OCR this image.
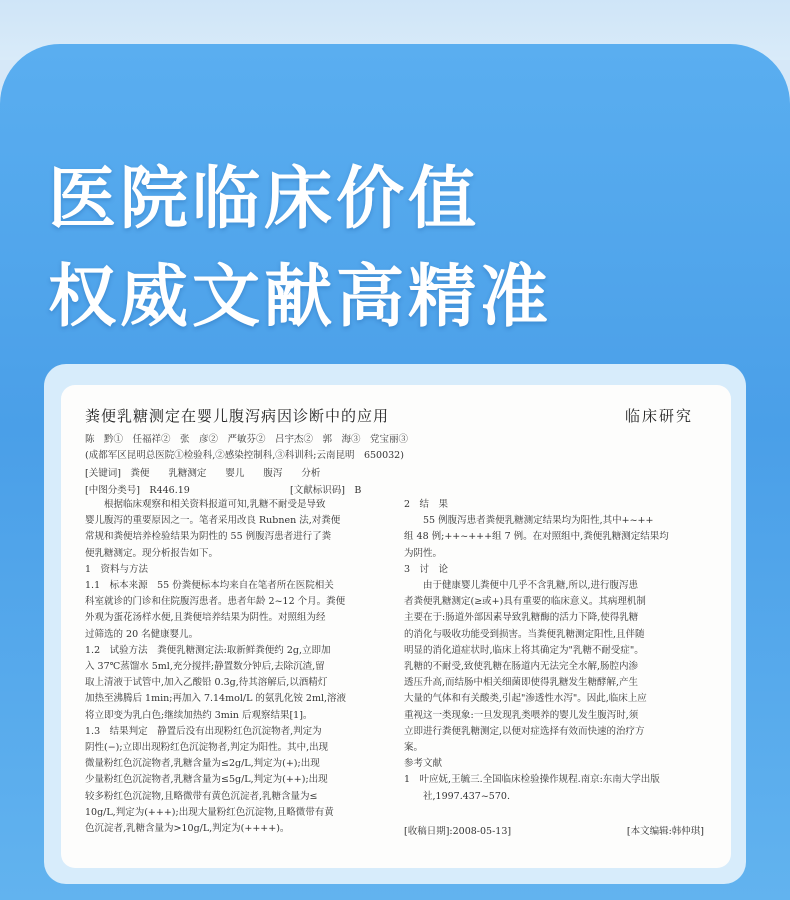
医院临床价值
权威文献高精准
粪便乳糖测定在婴儿腹泻病因诊断中的应用	临床研究
陈　黔①　任福祥②　张　彦②　严敏芬②　吕宇杰②　郭　海③　党宝丽③
(成都军区昆明总医院①检验科,②感染控制科,③科训科;云南昆明　650032)
[关键词]　粪便　　乳糖测定　　婴儿　　腹泻　　分析
[中图分类号]　R446.19	[文献标识码]　B

　　根据临床观察和相关资料报道可知,乳糖不耐受是导致

婴儿腹泻的重要原因之一。笔者采用改良 Rubnen 法,对粪便

常规和粪便培养检验结果为阴性的 55 例腹泻患者进行了粪

便乳糖测定。现分析报告如下。

1　资料与方法

1.1　标本来源　55 份粪便标本均来自在笔者所在医院相关

科室就诊的门诊和住院腹泻患者。患者年龄 2~12 个月。粪便

外观为蛋花汤样水便,且粪便培养结果为阴性。对照组为经

过筛选的 20 名健康婴儿。

1.2　试验方法　粪便乳糖测定法:取新鲜粪便约 2g,立即加

入 37℃蒸馏水 5ml,充分搅拌;静置数分钟后,去除沉渣,留

取上清液于试管中,加入乙酸铅 0.3g,待其溶解后,以酒精灯

加热至沸腾后 1min;再加入 7.14mol/L 的氨乳化铵 2ml,溶液

将立即变为乳白色;继续加热约 3min 后观察结果[1]。

1.3　结果判定　静置后没有出现粉红色沉淀物者,判定为

阴性(−);立即出现粉红色沉淀物者,判定为阳性。其中,出现

微量粉红色沉淀物者,乳糖含量为≤2g/L,判定为(+);出现

少量粉红色沉淀物者,乳糖含量为≤5g/L,判定为(++);出现

较多粉红色沉淀物,且略微带有黄色沉淀者,乳糖含量为≤

10g/L,判定为(+++);出现大量粉红色沉淀物,且略微带有黄

色沉淀者,乳糖含量为>10g/L,判定为(++++)。

2　结　果

　　55 例腹泻患者粪便乳糖测定结果均为阳性,其中+~++

组 48 例;++~+++组 7 例。在对照组中,粪便乳糖测定结果均

为阴性。

3　讨　论

　　由于健康婴儿粪便中几乎不含乳糖,所以,进行腹泻患

者粪便乳糖测定(≥或+)具有重要的临床意义。其病理机制

主要在于:肠道外部因素导致乳糖酶的活力下降,使得乳糖

的消化与吸收功能受到损害。当粪便乳糖测定阳性,且伴随

明显的消化道症状时,临床上将其确定为"乳糖不耐受症"。

乳糖的不耐受,致使乳糖在肠道内无法完全水解,肠腔内渗

透压升高,而结肠中相关细菌即使得乳糖发生糖酵解,产生

大量的气体和有关酸类,引起"渗透性水泻"。因此,临床上应

重视这一类现象:一旦发现乳类喂养的婴儿发生腹泻时,须

立即进行粪便乳糖测定,以便对症选择有效而快速的治疗方

案。

参考文献

1　叶应妩,王毓三.全国临床检验操作规程.南京:东南大学出版

　　社,1997.437~570.

[收稿日期]:2008-05-13]	[本文编辑:韩仲琪]
